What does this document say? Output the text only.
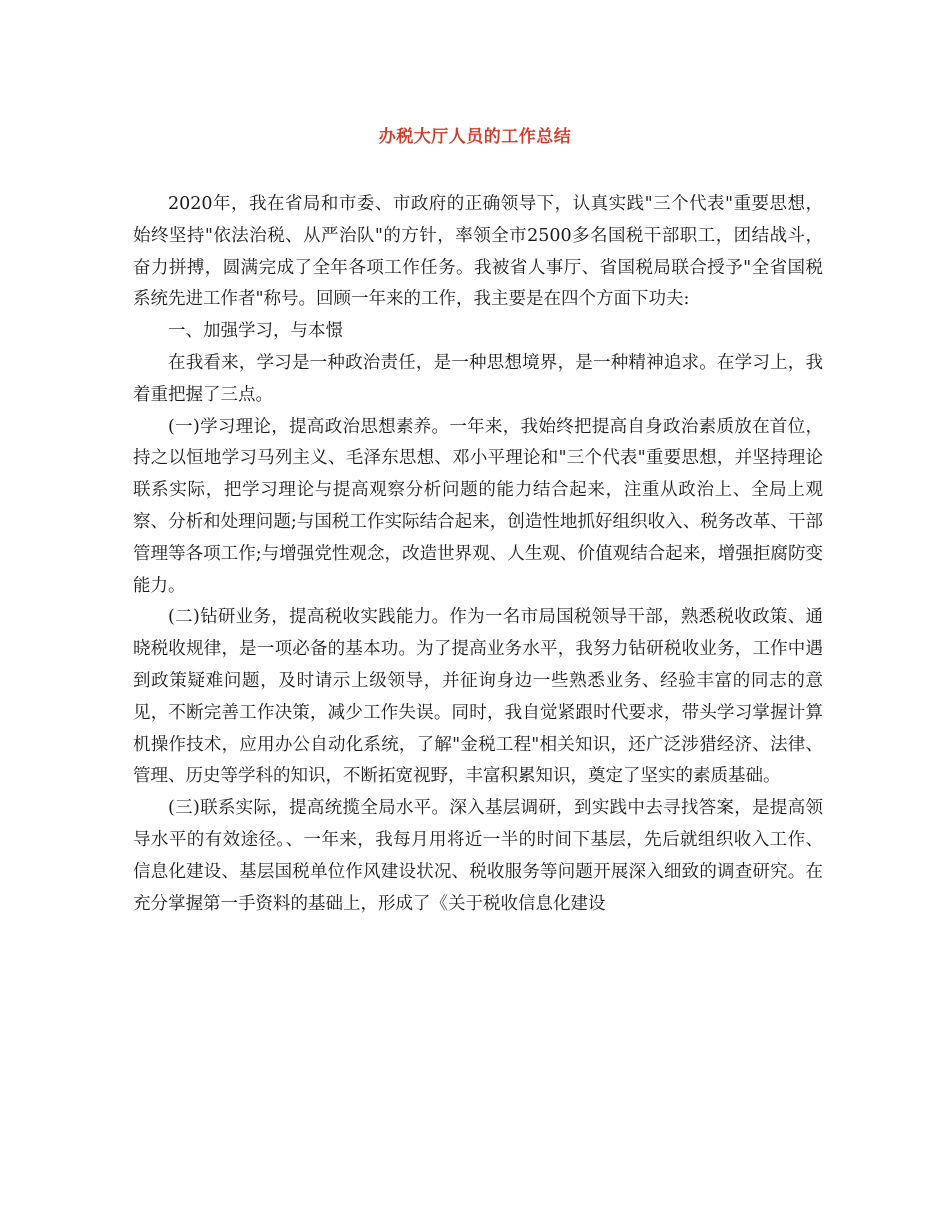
办税大厅人员的工作总结

2020年，我在省局和市委、市政府的正确领导下，认真实践"三个代表"重要思想，始终坚持"依法治税、从严治队"的方针，率领全市2500多名国税干部职工，团结战斗，奋力拼搏，圆满完成了全年各项工作任务。我被省人事厅、省国税局联合授予"全省国税系统先进工作者"称号。回顾一年来的工作，我主要是在四个方面下功夫:

一、加强学习，与本憬

在我看来，学习是一种政治责任，是一种思想境界，是一种精神追求。在学习上，我着重把握了三点。

(一)学习理论，提高政治思想素养。一年来，我始终把提高自身政治素质放在首位，持之以恒地学习马列主义、毛泽东思想、邓小平理论和"三个代表"重要思想，并坚持理论联系实际，把学习理论与提高观察分析问题的能力结合起来，注重从政治上、全局上观察、分析和处理问题;与国税工作实际结合起来，创造性地抓好组织收入、税务改革、干部管理等各项工作;与增强党性观念，改造世界观、人生观、价值观结合起来，增强拒腐防变能力。

(二)钻研业务，提高税收实践能力。作为一名市局国税领导干部，熟悉税收政策、通晓税收规律，是一项必备的基本功。为了提高业务水平，我努力钻研税收业务，工作中遇到政策疑难问题，及时请示上级领导，并征询身边一些熟悉业务、经验丰富的同志的意见，不断完善工作决策，减少工作失误。同时，我自觉紧跟时代要求，带头学习掌握计算机操作技术，应用办公自动化系统，了解"金税工程"相关知识，还广泛涉猎经济、法律、管理、历史等学科的知识，不断拓宽视野，丰富积累知识，奠定了坚实的素质基础。

(三)联系实际，提高统揽全局水平。深入基层调研，到实践中去寻找答案，是提高领导水平的有效途径。、一年来，我每月用将近一半的时间下基层，先后就组织收入工作、信息化建设、基层国税单位作风建设状况、税收服务等问题开展深入细致的调查研究。在充分掌握第一手资料的基础上，形成了《关于税收信息化建设
